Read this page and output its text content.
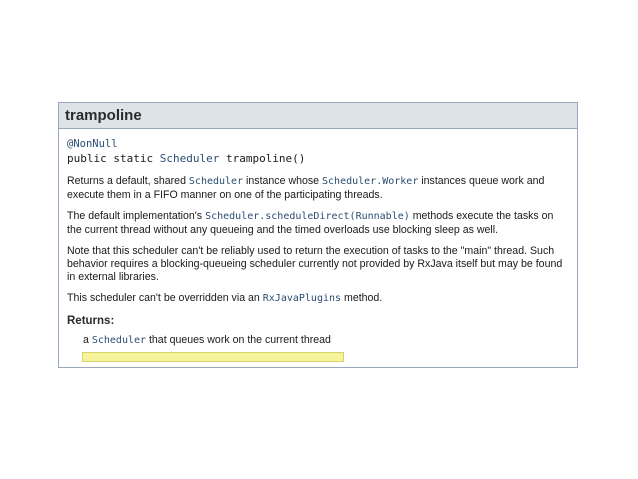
trampoline
@NonNull
public static Scheduler trampoline()

Returns a default, shared Scheduler instance whose Scheduler.Worker instances queue work and execute them in a FIFO manner on one of the participating threads.

The default implementation's Scheduler.scheduleDirect(Runnable) methods execute the tasks on the current thread without any queueing and the timed overloads use blocking sleep as well.

Note that this scheduler can't be reliably used to return the execution of tasks to the "main" thread. Such behavior requires a blocking-queueing scheduler currently not provided by RxJava itself but may be found in external libraries.

This scheduler can't be overridden via an RxJavaPlugins method.

Returns:
a Scheduler that queues work on the current thread
